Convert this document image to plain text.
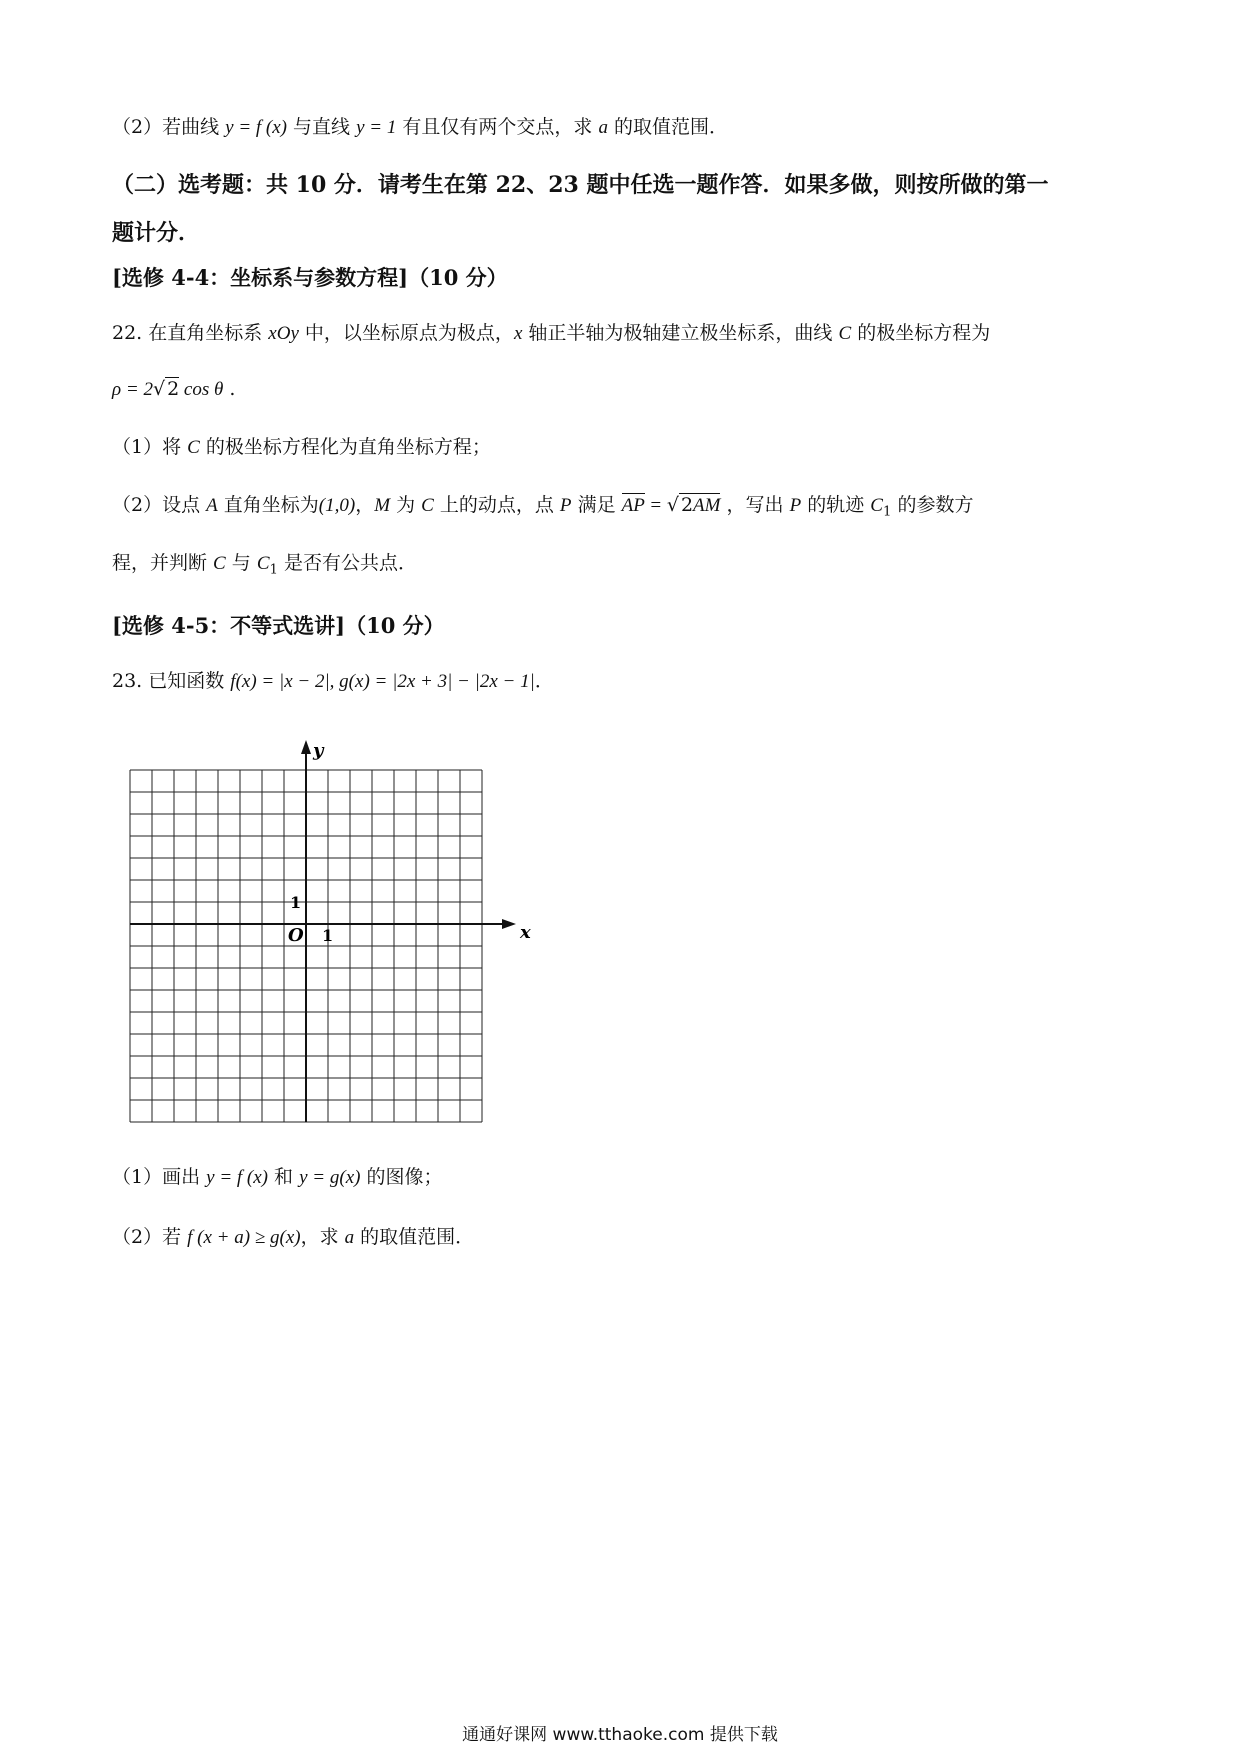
（2）若曲线 y = f (x) 与直线 y = 1 有且仅有两个交点，求 a 的取值范围．
（二）选考题：共 10 分．请考生在第 22、23 题中任选一题作答．如果多做，则按所做的第一
题计分．
[选修 4-4：坐标系与参数方程]（10 分）
22. 在直角坐标系 xOy 中，以坐标原点为极点，x 轴正半轴为极轴建立极坐标系，曲线 C 的极坐标方程为
ρ = 2√ 2 cos θ .
（1）将 C 的极坐标方程化为直角坐标方程；
（2）设点 A 直角坐标为(1,0)，M 为 C 上的动点，点 P 满足 AP = √ 2AM ，写出 P 的轨迹 $C_1$ 的参数方
程，并判断 C 与 $C_1$ 是否有公共点．
[选修 4-5：不等式选讲]（10 分）
23. 已知函数 f(x) = |x − 2|, g(x) = |2x + 3| − |2x − 1|．
y
x
O 1
1
（1）画出 y = f (x) 和 y = g(x) 的图像；
（2）若 f (x + a) ≥ g(x)，求 a 的取值范围．
通通好课网 www.tthaoke.com 提供下载
